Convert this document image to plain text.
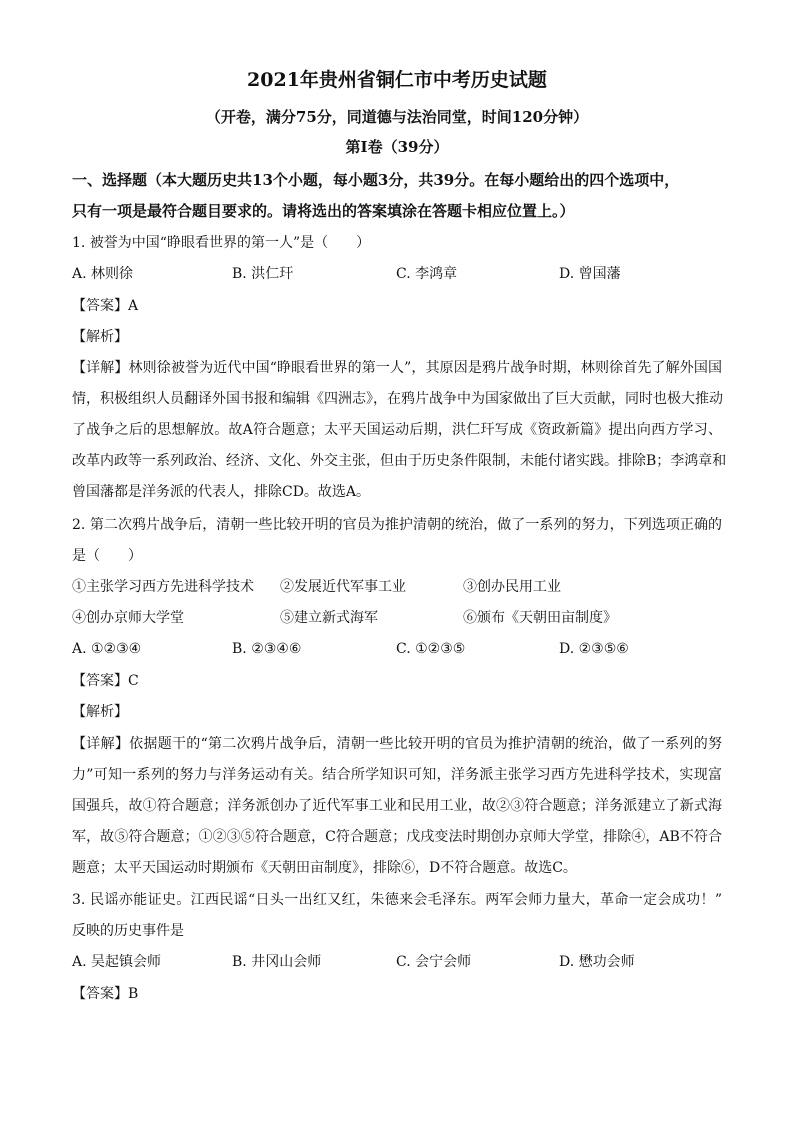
2021年贵州省铜仁市中考历史试题
（开卷，满分75分，同道德与法治同堂，时间120分钟）
第Ⅰ卷（39分）
一、选择题（本大题历史共13个小题，每小题3分，共39分。在每小题给出的四个选项中，
只有一项是最符合题目要求的。请将选出的答案填涂在答题卡相应位置上。）
1. 被誉为中国“睁眼看世界的第一人”是（　　）
A. 林则徐	B. 洪仁玕	C. 李鸿章	D. 曾国藩
【答案】A
【解析】
【详解】林则徐被誉为近代中国“睁眼看世界的第一人”，其原因是鸦片战争时期，林则徐首先了解外国国
情，积极组织人员翻译外国书报和编辑《四洲志》，在鸦片战争中为国家做出了巨大贡献，同时也极大推动
了战争之后的思想解放。故A符合题意；太平天国运动后期，洪仁玕写成《资政新篇》提出向西方学习、
改革内政等一系列政治、经济、文化、外交主张，但由于历史条件限制，未能付诸实践。排除B；李鸿章和
曾国藩都是洋务派的代表人，排除CD。故选A。
2. 第二次鸦片战争后，清朝一些比较开明的官员为推护清朝的统治，做了一系列的努力，下列选项正确的
是（　　）
①主张学习西方先进科学技术 ②发展近代军事工业	③创办民用工业
④创办京师大学堂	⑤建立新式海军	⑥颁布《天朝田亩制度》
A. ①②③④	B. ②③④⑥	C. ①②③⑤	D. ②③⑤⑥
【答案】C
【解析】
【详解】依据题干的“第二次鸦片战争后，清朝一些比较开明的官员为推护清朝的统治，做了一系列的努
力”可知一系列的努力与洋务运动有关。结合所学知识可知，洋务派主张学习西方先进科学技术，实现富
国强兵，故①符合题意；洋务派创办了近代军事工业和民用工业，故②③符合题意；洋务派建立了新式海
军，故⑤符合题意；①②③⑤符合题意，C符合题意；戊戌变法时期创办京师大学堂，排除④，AB不符合
题意；太平天国运动时期颁布《天朝田亩制度》，排除⑥，D不符合题意。故选C。
3. 民谣亦能证史。江西民谣“日头一出红又红，朱德来会毛泽东。两军会师力量大，革命一定会成功！”
反映的历史事件是
A. 吴起镇会师	B. 井冈山会师	C. 会宁会师	D. 懋功会师
【答案】B
